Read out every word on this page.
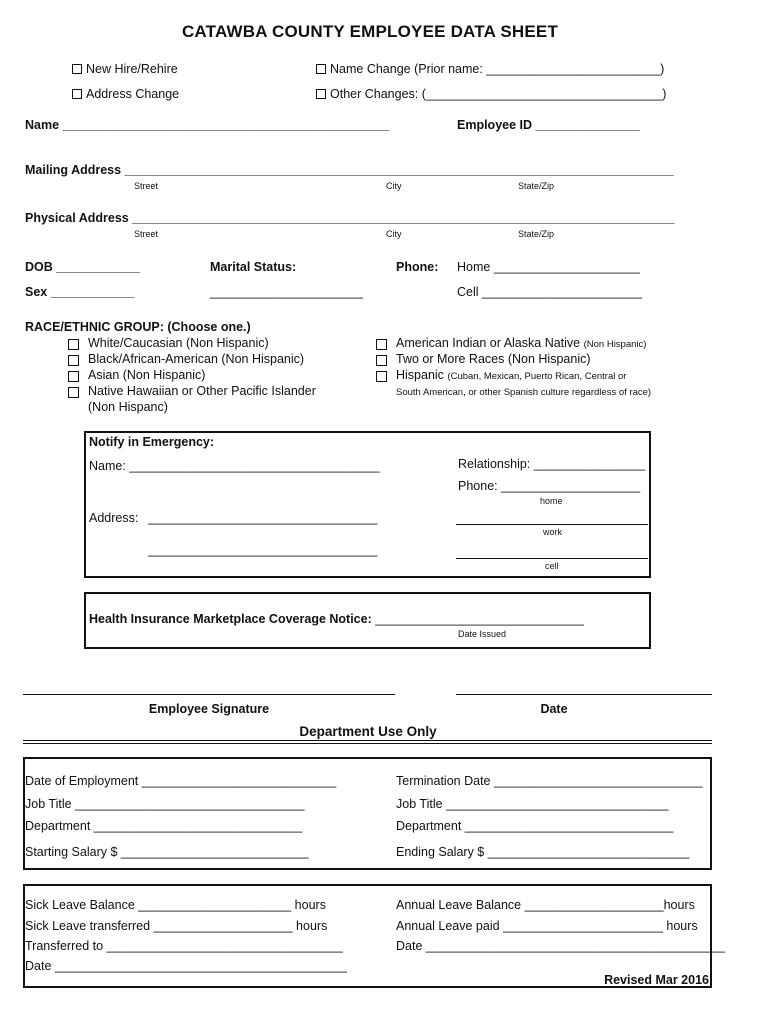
CATAWBA COUNTY EMPLOYEE DATA SHEET
New Hire/Rehire
Address Change
Name Change (Prior name: _________________________)
Other Changes: (__________________________________)
Name _______________________________________________	Employee ID _______________
Mailing Address _______________________________________________________________________________
Street	City	State/Zip
Physical Address ______________________________________________________________________________
Street	City	State/Zip
DOB ____________
Sex ____________
Marital Status:
______________________
Phone: Home _____________________
Cell _______________________
RACE/ETHNIC GROUP: (Choose one.)
White/Caucasian (Non Hispanic)
Black/African-American (Non Hispanic)
Asian (Non Hispanic)
Native Hawaiian or Other Pacific Islander
(Non Hispanc)
American Indian or Alaska Native (Non Hispanic)
Two or More Races (Non Hispanic)
Hispanic (Cuban, Mexican, Puerto Rican, Central or
South American, or other Spanish culture regardless of race)
Notify in Emergency:
Name: ____________________________________
Address: _________________________________
_________________________________
Relationship: ________________
Phone: ____________________
home
work
cell
Health Insurance Marketplace Coverage Notice: ______________________________
Date Issued
Employee Signature	Date
Department Use Only
Date of Employment ____________________________
Job Title _________________________________
Department ______________________________
Starting Salary $ ___________________________
Termination Date ______________________________
Job Title ________________________________
Department ______________________________
Ending Salary $ _____________________________
Sick Leave Balance ______________________ hours
Sick Leave transferred ____________________ hours
Transferred to __________________________________
Date __________________________________________
Annual Leave Balance ____________________hours
Annual Leave paid _______________________ hours
Date ___________________________________________
Revised Mar 2016
